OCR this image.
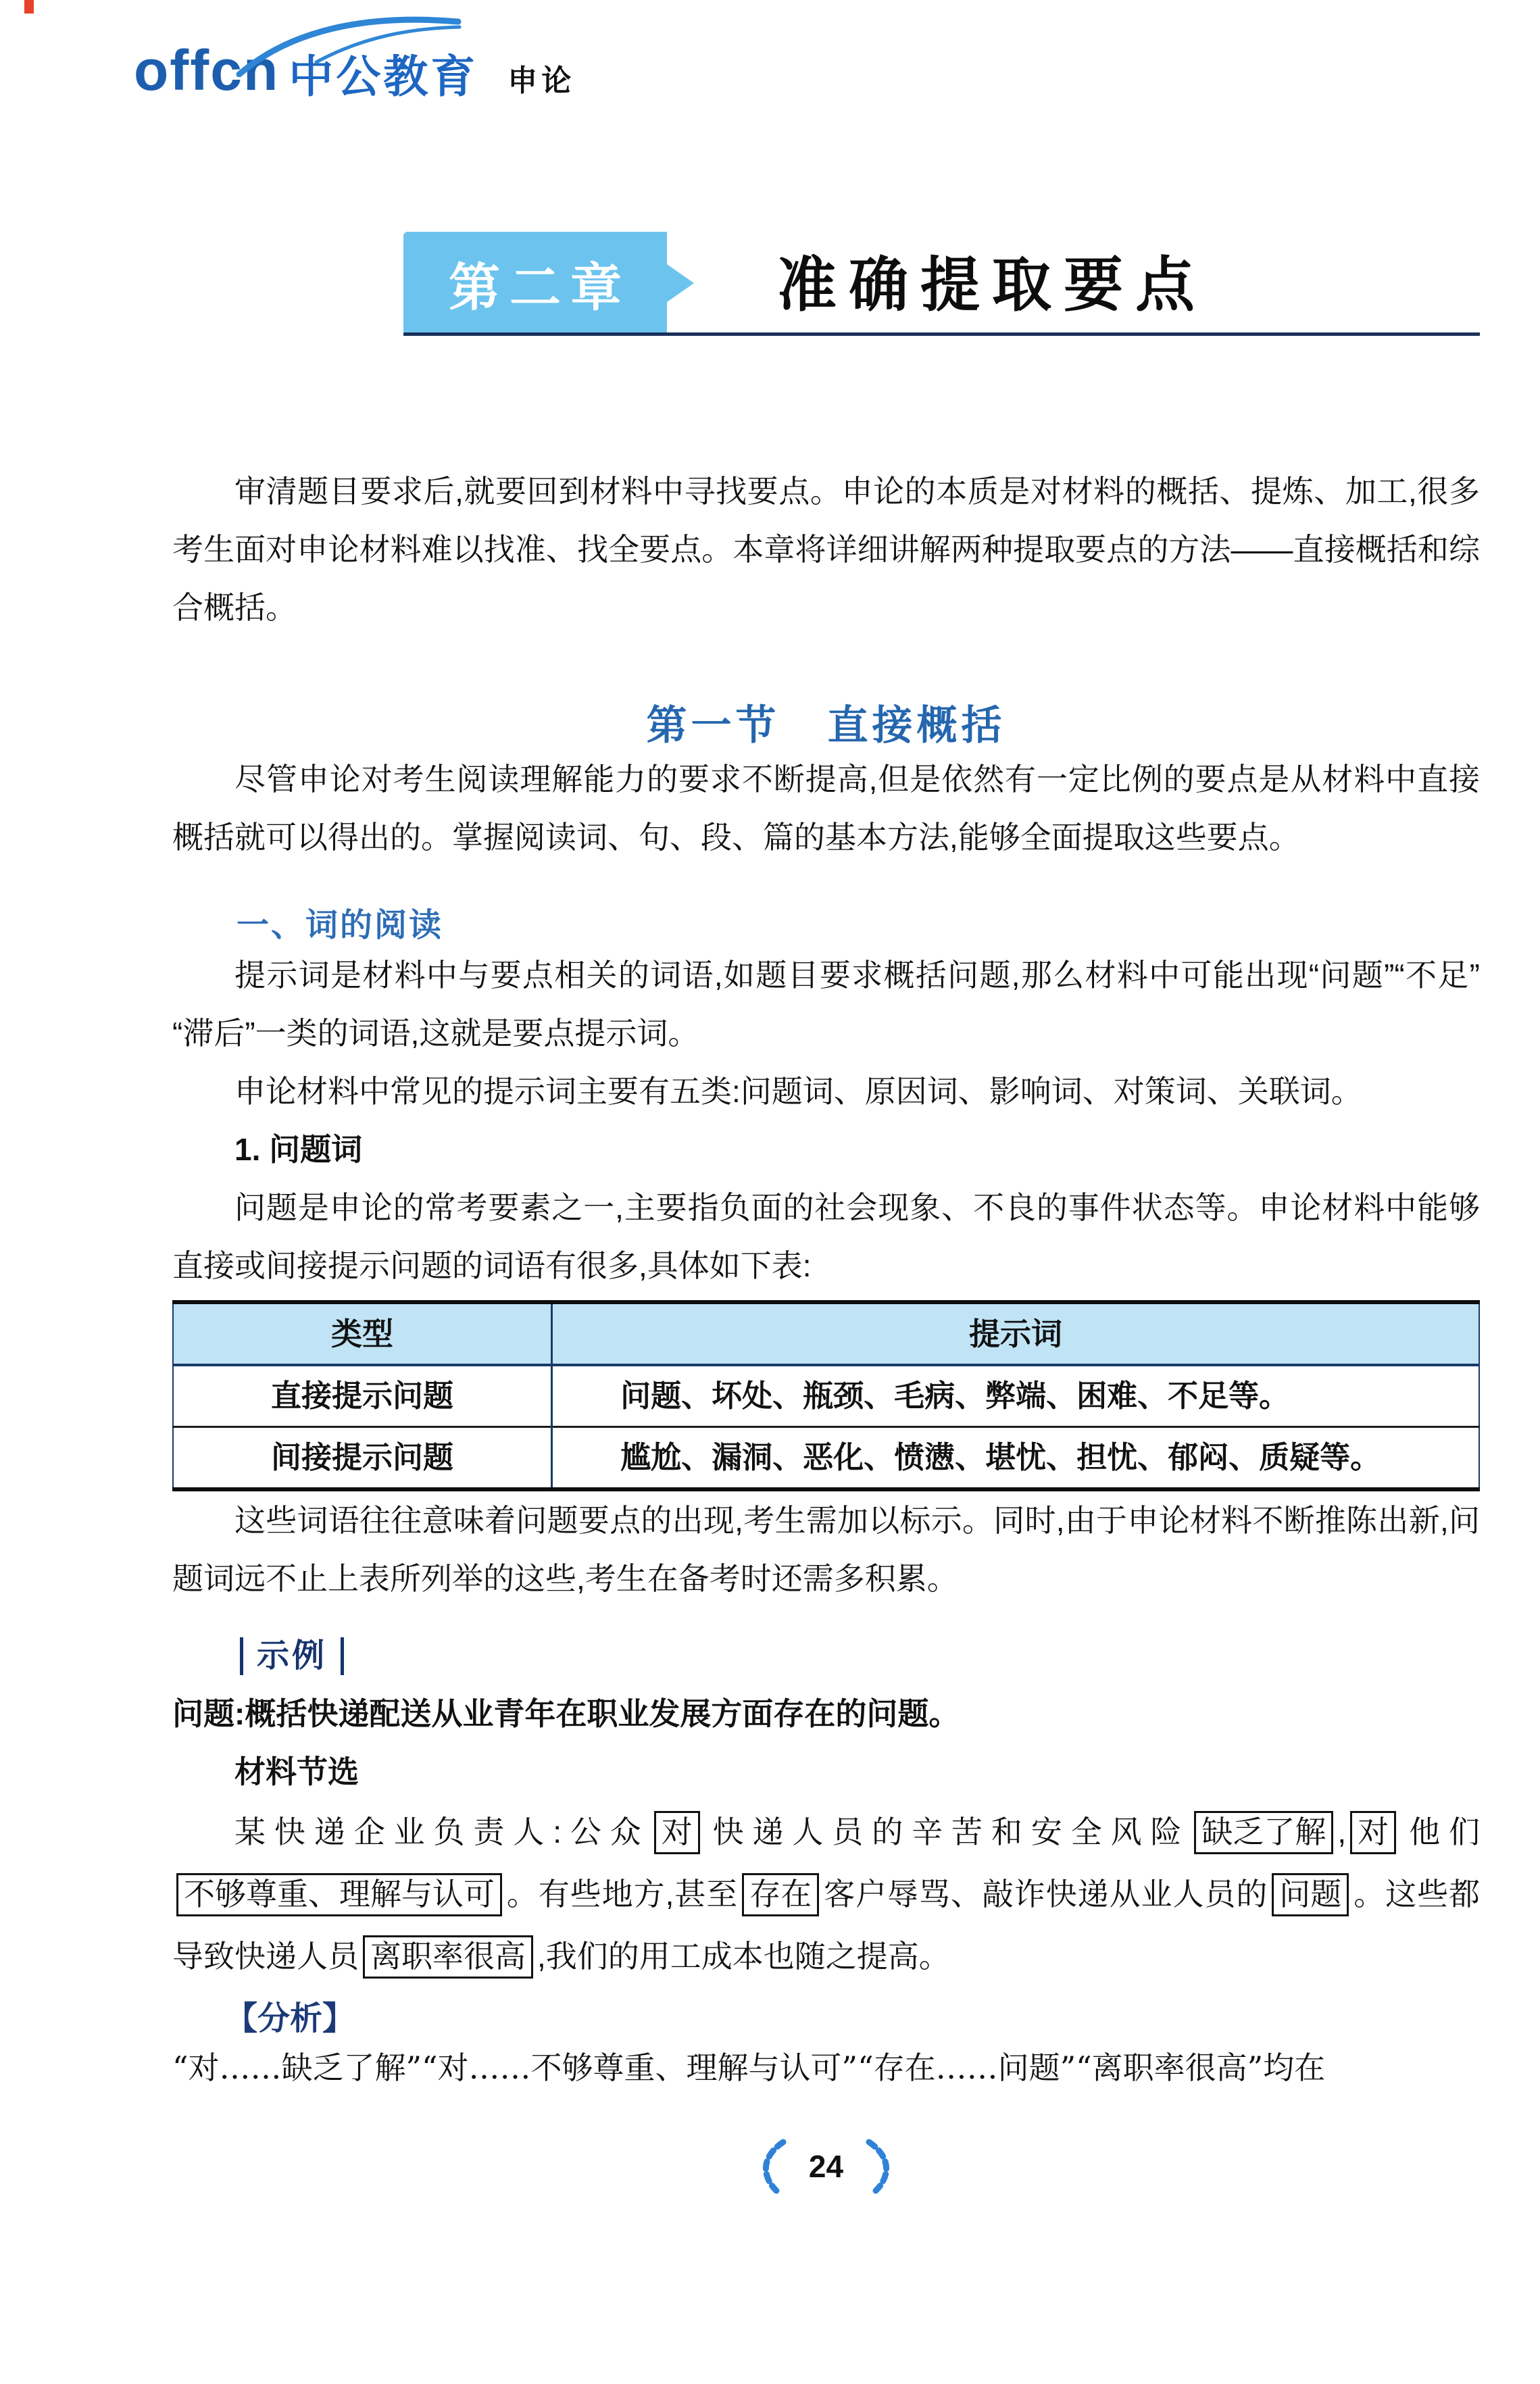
offcn 中公教育 申论
第二章 准确提取要点

审清题目要求后,就要回到材料中寻找要点。申论的本质是对材料的概括、提炼、加工,很多考生面对申论材料难以找准、找全要点。本章将详细讲解两种提取要点的方法——直接概括和综合概括。

第一节 直接概括

尽管申论对考生阅读理解能力的要求不断提高,但是依然有一定比例的要点是从材料中直接概括就可以得出的。掌握阅读词、句、段、篇的基本方法,能够全面提取这些要点。

一、词的阅读

提示词是材料中与要点相关的词语,如题目要求概括问题,那么材料中可能出现“问题”“不足”“滞后”一类的词语,这就是要点提示词。

申论材料中常见的提示词主要有五类:问题词、原因词、影响词、对策词、关联词。

1. 问题词

问题是申论的常考要素之一,主要指负面的社会现象、不良的事件状态等。申论材料中能够直接或间接提示问题的词语有很多,具体如下表:

类型	提示词
直接提示问题	问题、坏处、瓶颈、毛病、弊端、困难、不足等。
间接提示问题	尴尬、漏洞、恶化、愤懑、堪忧、担忧、郁闷、质疑等。

这些词语往往意味着问题要点的出现,考生需加以标示。同时,由于申论材料不断推陈出新,问题词远不止上表所列举的这些,考生在备考时还需多积累。

示例

问题:概括快递配送从业青年在职业发展方面存在的问题。

材料节选

某快递企业负责人:公众 对 快递人员的辛苦和安全风险 缺乏了解 , 对 他们不够尊重、理解与认可 。有些地方,甚至 存在 客户辱骂、敲诈快递从业人员的 问题 。这些都导致快递人员 离职率很高 ,我们的用工成本也随之提高。

【分析】

“对……缺乏了解”“对……不够尊重、理解与认可”“存在……问题”“离职率很高”均在

24
